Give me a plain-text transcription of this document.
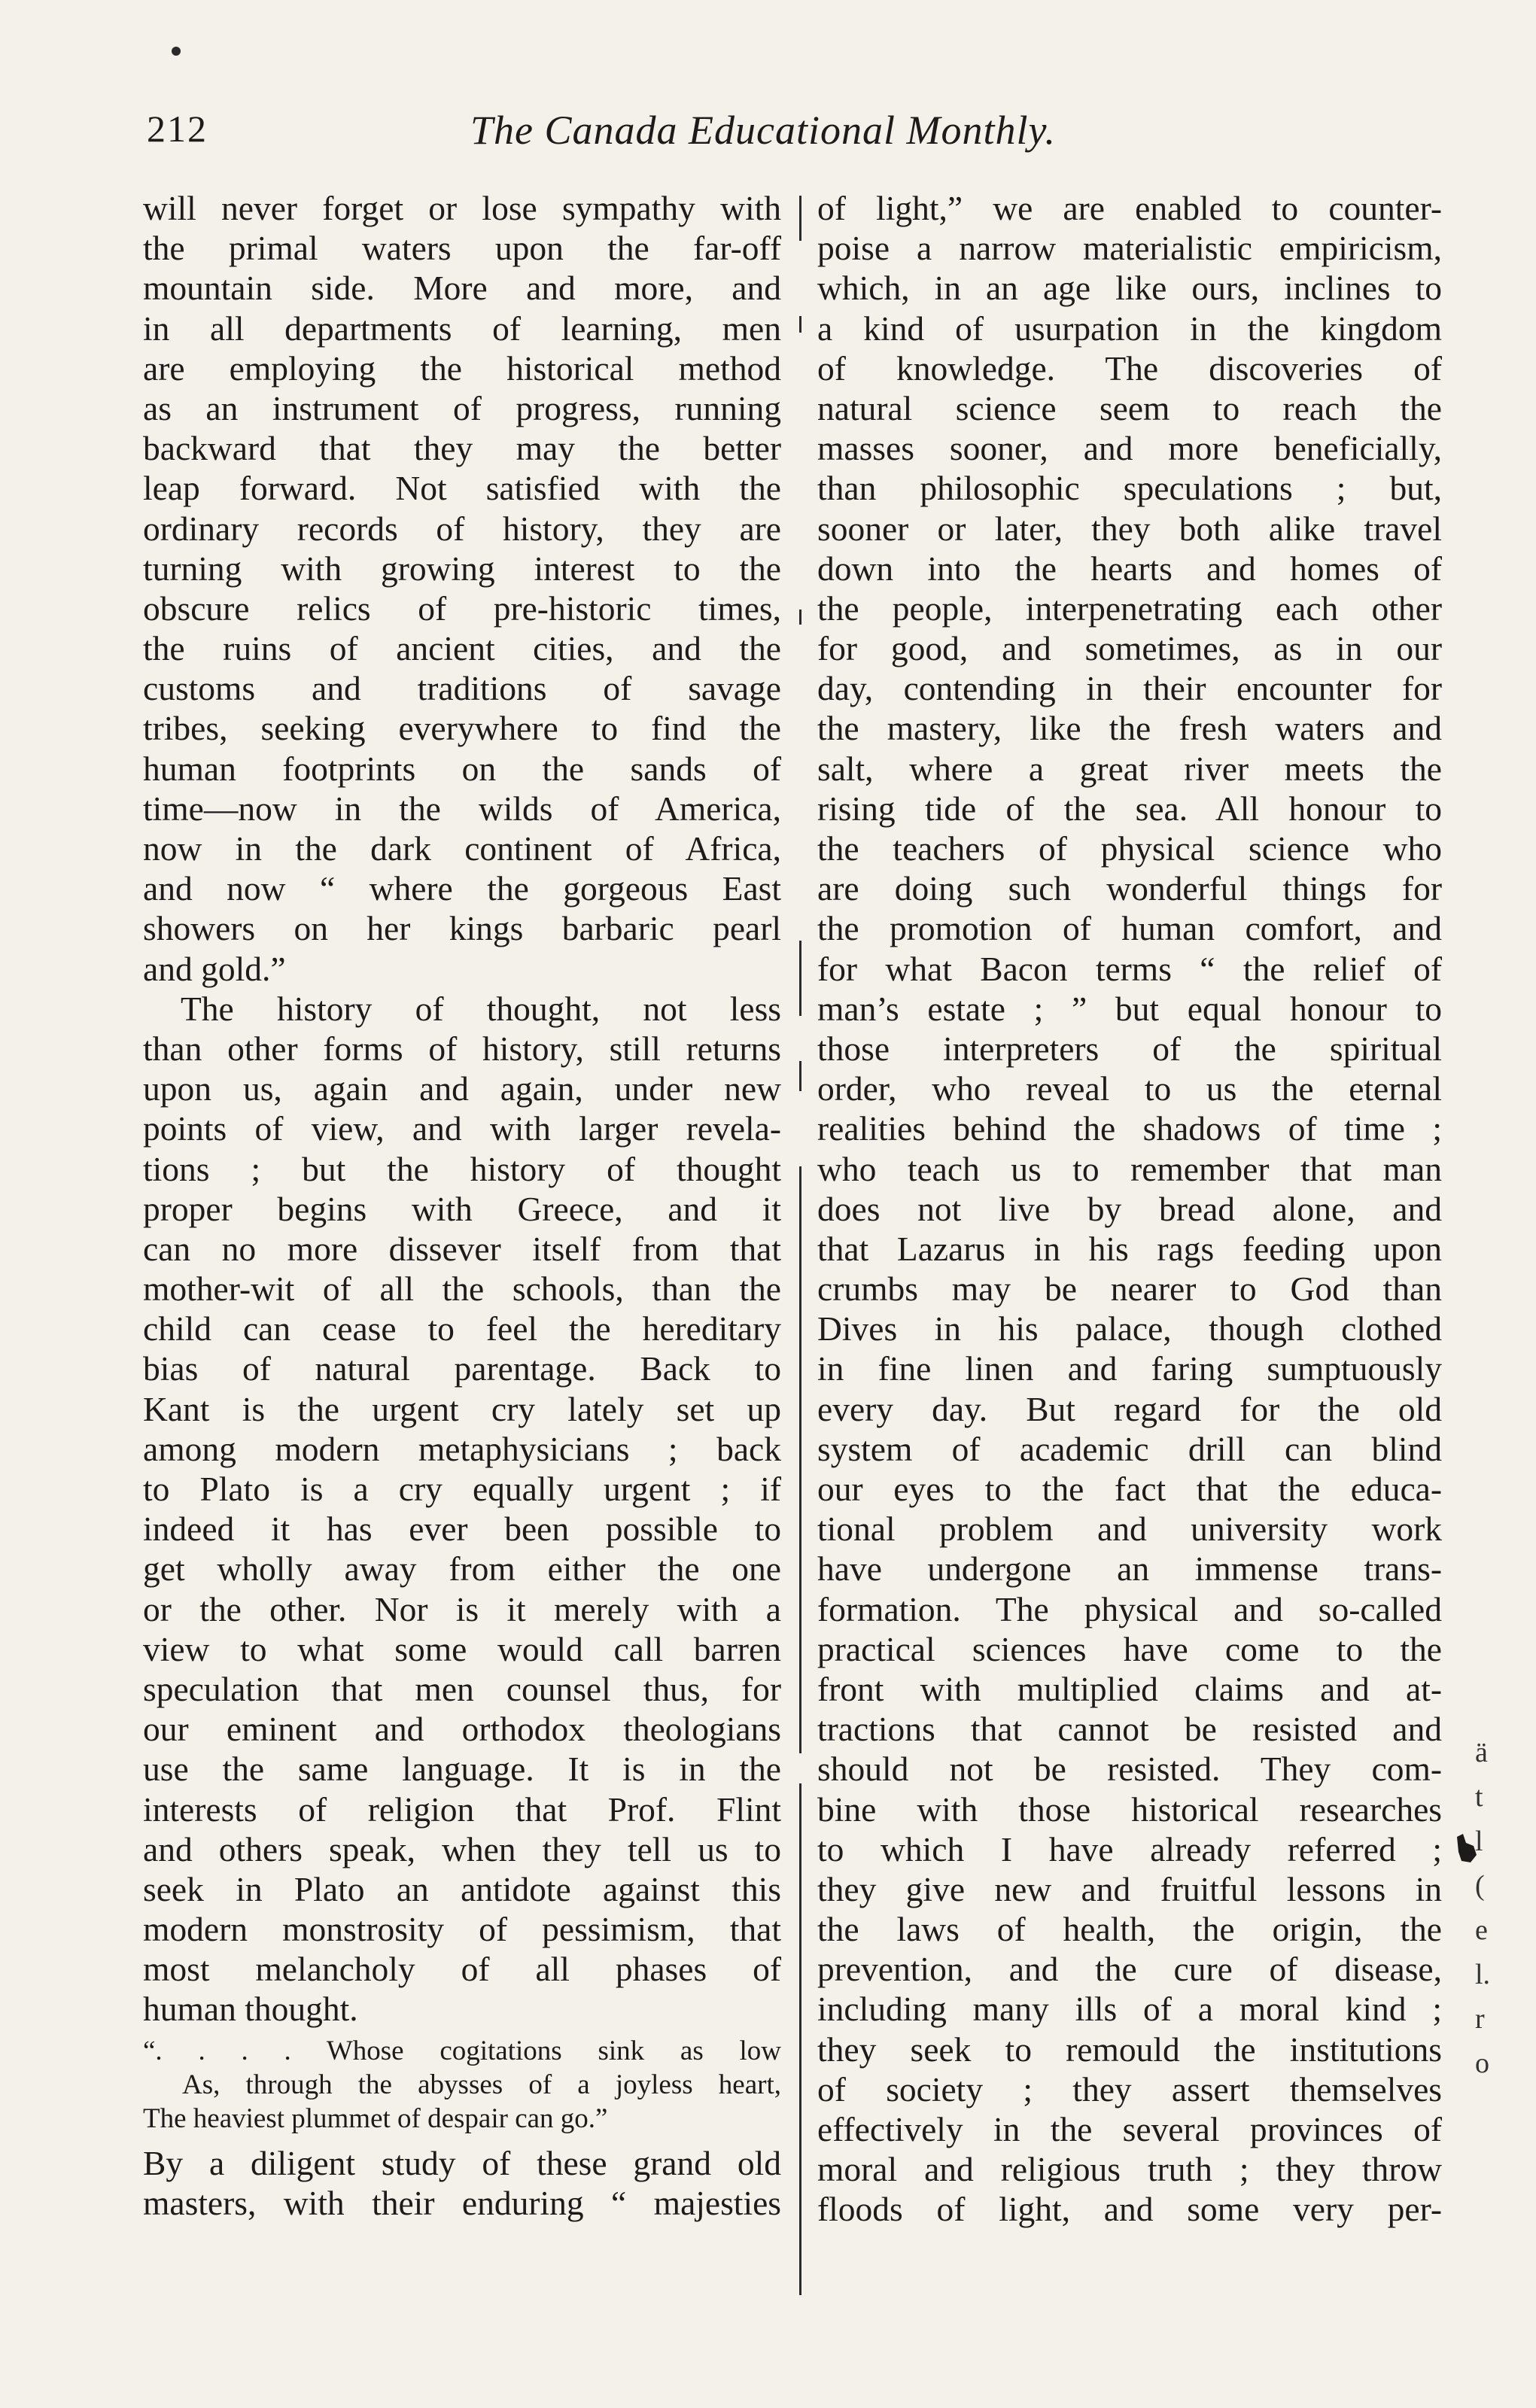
212	The Canada Educational Monthly.
will never forget or lose sympathy with
the primal waters upon the far-off
mountain side. More and more, and
in all departments of learning, men
are employing the historical method
as an instrument of progress, running
backward that they may the better
leap forward. Not satisfied with the
ordinary records of history, they are
turning with growing interest to the
obscure relics of pre-historic times,
the ruins of ancient cities, and the
customs and traditions of savage
tribes, seeking everywhere to find the
human footprints on the sands of
time—now in the wilds of America,
now in the dark continent of Africa,
and now “ where the gorgeous East
showers on her kings barbaric pearl
and gold.”
The history of thought, not less
than other forms of history, still returns
upon us, again and again, under new
points of view, and with larger revela-
tions ; but the history of thought
proper begins with Greece, and it
can no more dissever itself from that
mother-wit of all the schools, than the
child can cease to feel the hereditary
bias of natural parentage. Back to
Kant is the urgent cry lately set up
among modern metaphysicians ; back
to Plato is a cry equally urgent ; if
indeed it has ever been possible to
get wholly away from either the one
or the other. Nor is it merely with a
view to what some would call barren
speculation that men counsel thus, for
our eminent and orthodox theologians
use the same language. It is in the
interests of religion that Prof. Flint
and others speak, when they tell us to
seek in Plato an antidote against this
modern monstrosity of pessimism, that
most melancholy of all phases of
human thought.
“. . . . Whose cogitations sink as low
As, through the abysses of a joyless heart,
The heaviest plummet of despair can go.”
By a diligent study of these grand old
masters, with their enduring “ majesties
of light,” we are enabled to counter-
poise a narrow materialistic empiricism,
which, in an age like ours, inclines to
a kind of usurpation in the kingdom
of knowledge. The discoveries of
natural science seem to reach the
masses sooner, and more beneficially,
than philosophic speculations ; but,
sooner or later, they both alike travel
down into the hearts and homes of
the people, interpenetrating each other
for good, and sometimes, as in our
day, contending in their encounter for
the mastery, like the fresh waters and
salt, where a great river meets the
rising tide of the sea. All honour to
the teachers of physical science who
are doing such wonderful things for
the promotion of human comfort, and
for what Bacon terms “ the relief of
man’s estate ; ” but equal honour to
those interpreters of the spiritual
order, who reveal to us the eternal
realities behind the shadows of time ;
who teach us to remember that man
does not live by bread alone, and
that Lazarus in his rags feeding upon
crumbs may be nearer to God than
Dives in his palace, though clothed
in fine linen and faring sumptuously
every day. But regard for the old
system of academic drill can blind
our eyes to the fact that the educa-
tional problem and university work
have undergone an immense trans-
formation. The physical and so-called
practical sciences have come to the
front with multiplied claims and at-
tractions that cannot be resisted and
should not be resisted. They com-
bine with those historical researches
to which I have already referred ;
they give new and fruitful lessons in
the laws of health, the origin, the
prevention, and the cure of disease,
including many ills of a moral kind ;
they seek to remould the institutions
of society ; they assert themselves
effectively in the several provinces of
moral and religious truth ; they throw
floods of light, and some very per-
ä
t
l
(
e
l.
r
o
